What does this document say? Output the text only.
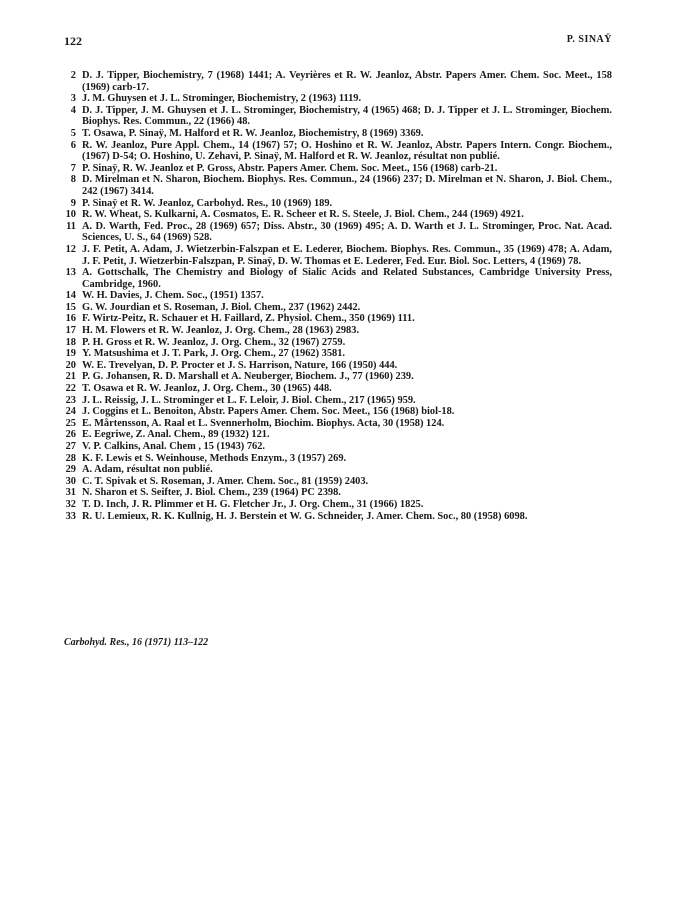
122	P. SINAŸ
2 D. J. Tipper, Biochemistry, 7 (1968) 1441; A. Veyrières et R. W. Jeanloz, Abstr. Papers Amer. Chem. Soc. Meet., 158 (1969) carb-17.
3 J. M. Ghuysen et J. L. Strominger, Biochemistry, 2 (1963) 1119.
4 D. J. Tipper, J. M. Ghuysen et J. L. Strominger, Biochemistry, 4 (1965) 468; D. J. Tipper et J. L. Strominger, Biochem. Biophys. Res. Commun., 22 (1966) 48.
5 T. Osawa, P. Sinaÿ, M. Halford et R. W. Jeanloz, Biochemistry, 8 (1969) 3369.
6 R. W. Jeanloz, Pure Appl. Chem., 14 (1967) 57; O. Hoshino et R. W. Jeanloz, Abstr. Papers Intern. Congr. Biochem., (1967) D-54; O. Hoshino, U. Zehavi, P. Sinaÿ, M. Halford et R. W. Jeanloz, résultat non publié.
7 P. Sinaÿ, R. W. Jeanloz et P. Gross, Abstr. Papers Amer. Chem. Soc. Meet., 156 (1968) carb-21.
8 D. Mirelman et N. Sharon, Biochem. Biophys. Res. Commun., 24 (1966) 237; D. Mirelman et N. Sharon, J. Biol. Chem., 242 (1967) 3414.
9 P. Sinaÿ et R. W. Jeanloz, Carbohyd. Res., 10 (1969) 189.
10 R. W. Wheat, S. Kulkarni, A. Cosmatos, E. R. Scheer et R. S. Steele, J. Biol. Chem., 244 (1969) 4921.
11 A. D. Warth, Fed. Proc., 28 (1969) 657; Diss. Abstr., 30 (1969) 495; A. D. Warth et J. L. Strominger, Proc. Nat. Acad. Sciences, U. S., 64 (1969) 528.
12 J. F. Petit, A. Adam, J. Wietzerbin-Falszpan et E. Lederer, Biochem. Biophys. Res. Commun., 35 (1969) 478; A. Adam, J. F. Petit, J. Wietzerbin-Falszpan, P. Sinaÿ, D. W. Thomas et E. Lederer, Fed. Eur. Biol. Soc. Letters, 4 (1969) 78.
13 A. Gottschalk, The Chemistry and Biology of Sialic Acids and Related Substances, Cambridge University Press, Cambridge, 1960.
14 W. H. Davies, J. Chem. Soc., (1951) 1357.
15 G. W. Jourdian et S. Roseman, J. Biol. Chem., 237 (1962) 2442.
16 F. Wirtz-Peitz, R. Schauer et H. Faillard, Z. Physiol. Chem., 350 (1969) 111.
17 H. M. Flowers et R. W. Jeanloz, J. Org. Chem., 28 (1963) 2983.
18 P. H. Gross et R. W. Jeanloz, J. Org. Chem., 32 (1967) 2759.
19 Y. Matsushima et J. T. Park, J. Org. Chem., 27 (1962) 3581.
20 W. E. Trevelyan, D. P. Procter et J. S. Harrison, Nature, 166 (1950) 444.
21 P. G. Johansen, R. D. Marshall et A. Neuberger, Biochem. J., 77 (1960) 239.
22 T. Osawa et R. W. Jeanloz, J. Org. Chem., 30 (1965) 448.
23 J. L. Reissig, J. L. Strominger et L. F. Leloir, J. Biol. Chem., 217 (1965) 959.
24 J. Coggins et L. Benoiton, Abstr. Papers Amer. Chem. Soc. Meet., 156 (1968) biol-18.
25 E. Mårtensson, A. Raal et L. Svennerholm, Biochim. Biophys. Acta, 30 (1958) 124.
26 E. Eegriwe, Z. Anal. Chem., 89 (1932) 121.
27 V. P. Calkins, Anal. Chem , 15 (1943) 762.
28 K. F. Lewis et S. Weinhouse, Methods Enzym., 3 (1957) 269.
29 A. Adam, résultat non publié.
30 C. T. Spivak et S. Roseman, J. Amer. Chem. Soc., 81 (1959) 2403.
31 N. Sharon et S. Seifter, J. Biol. Chem., 239 (1964) PC 2398.
32 T. D. Inch, J. R. Plimmer et H. G. Fletcher Jr., J. Org. Chem., 31 (1966) 1825.
33 R. U. Lemieux, R. K. Kullnig, H. J. Berstein et W. G. Schneider, J. Amer. Chem. Soc., 80 (1958) 6098.
Carbohyd. Res., 16 (1971) 113–122
